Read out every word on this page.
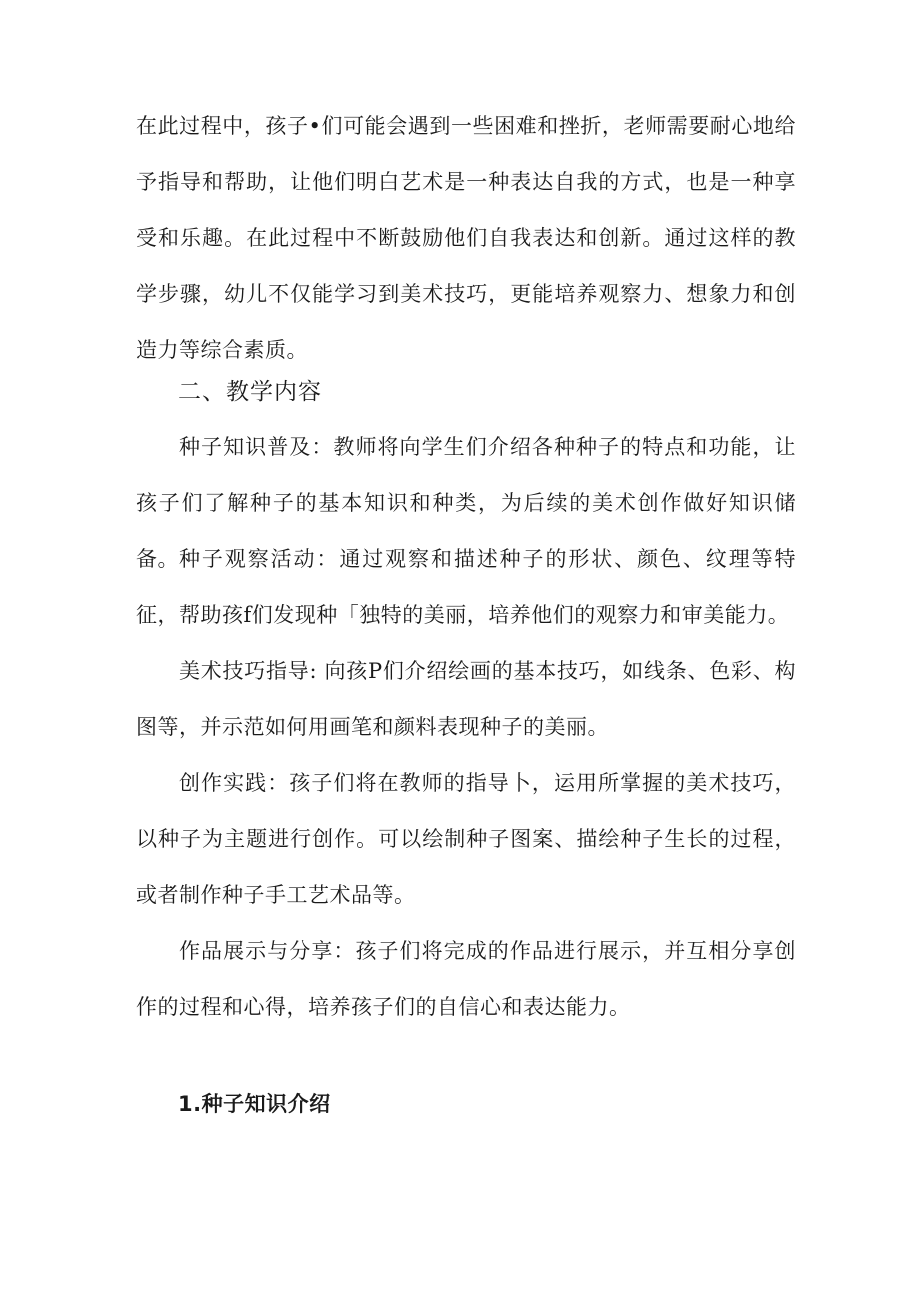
在此过程中，孩子•们可能会遇到一些困难和挫折，老师需要耐心地给予指导和帮助，让他们明白艺术是一种表达自我的方式，也是一种享受和乐趣。在此过程中不断鼓励他们自我表达和创新。通过这样的教学步骤，幼儿不仅能学习到美术技巧，更能培养观察力、想象力和创造力等综合素质。

二、教学内容

种子知识普及：教师将向学生们介绍各种种子的特点和功能，让孩子们了解种子的基本知识和种类，为后续的美术创作做好知识储备。 种子观察活动：通过观察和描述种子的形状、颜色、纹理等特征，帮助孩f们发现种「独特的美丽，培养他们的观察力和审美能力。

美术技巧指导: 向孩P们介绍绘画的基本技巧，如线条、色彩、构图等，并示范如何用画笔和颜料表现种子的美丽。

创作实践：孩子们将在教师的指导卜，运用所掌握的美术技巧，以种子为主题进行创作。可以绘制种子图案、描绘种子生长的过程，或者制作种子手工艺术品等。

作品展示与分享：孩子们将完成的作品进行展示，并互相分享创作的过程和心得，培养孩子们的自信心和表达能力。

1.种子知识介绍
